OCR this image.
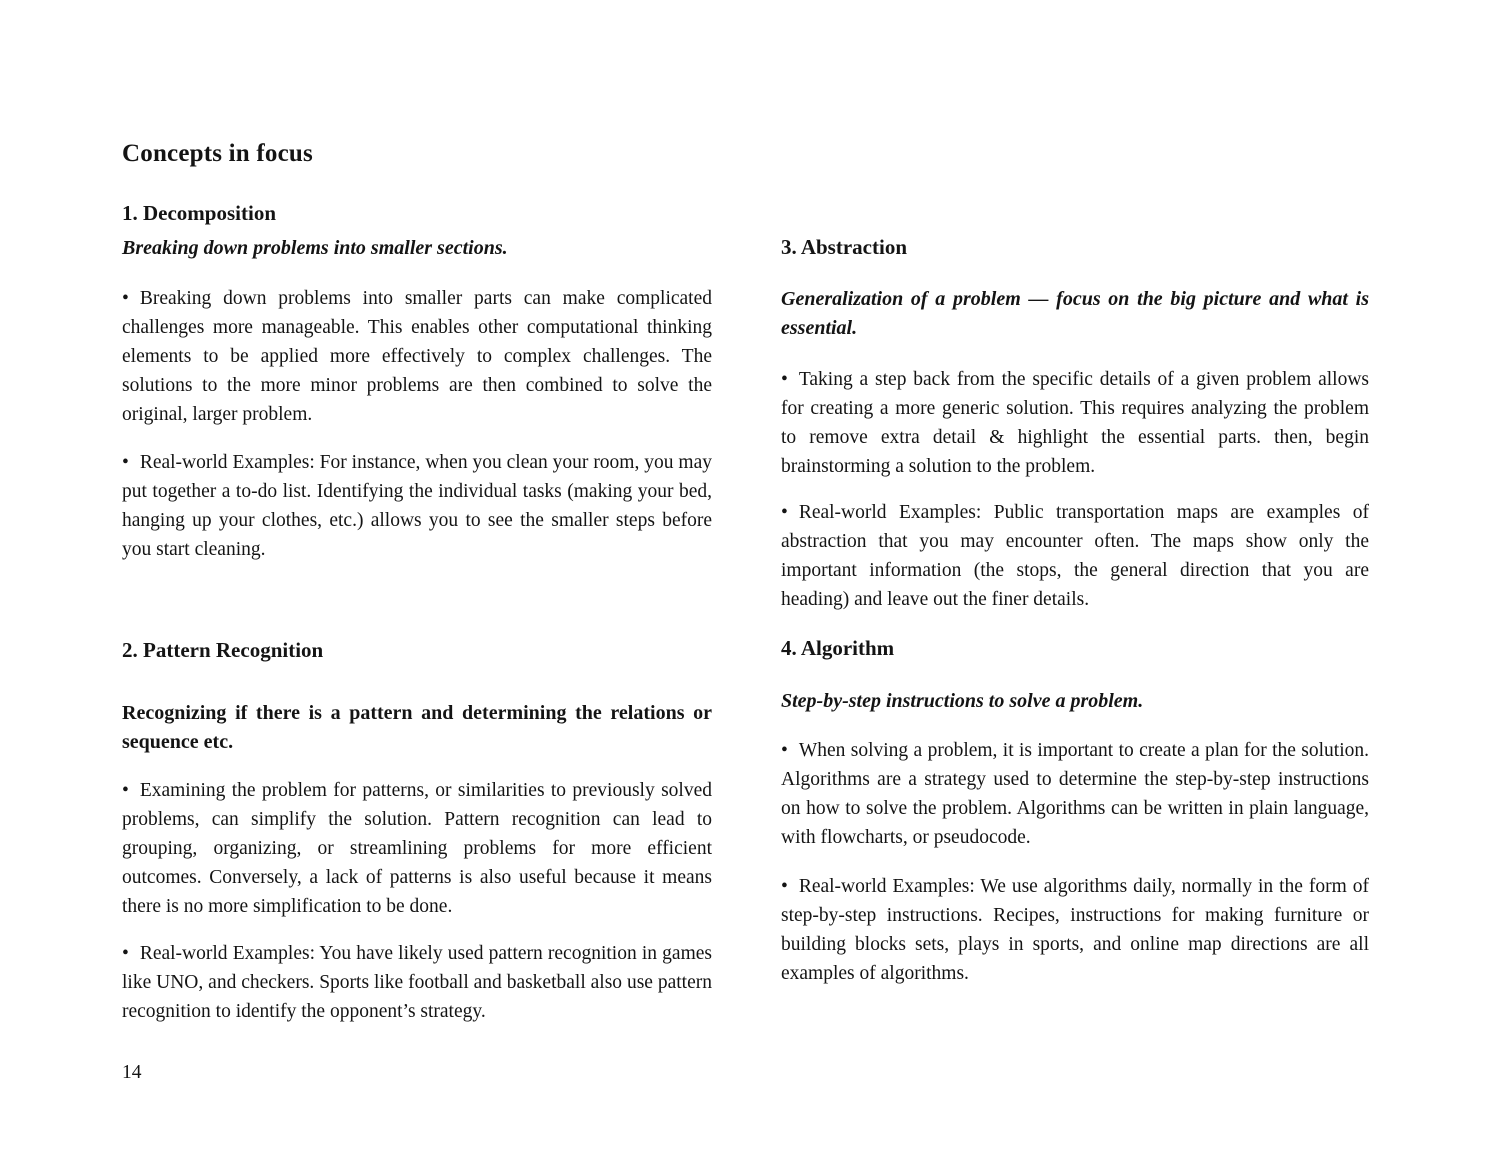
Concepts in focus
1. Decomposition
Breaking down problems into smaller sections.

• Breaking down problems into smaller parts can make complicated challenges more manageable. This enables other computational thinking elements to be applied more effectively to complex challenges. The solutions to the more minor problems are then combined to solve the original, larger problem.

• Real-world Examples: For instance, when you clean your room, you may put together a to-do list. Identifying the individual tasks (making your bed, hanging up your clothes, etc.) allows you to see the smaller steps before you start cleaning.

2. Pattern Recognition
Recognizing if there is a pattern and determining the relations or sequence etc.

• Examining the problem for patterns, or similarities to previously solved problems, can simplify the solution. Pattern recognition can lead to grouping, organizing, or streamlining problems for more efficient outcomes. Conversely, a lack of patterns is also useful because it means there is no more simplification to be done.

• Real-world Examples: You have likely used pattern recognition in games like UNO, and checkers. Sports like football and basketball also use pattern recognition to identify the opponent’s strategy.

3. Abstraction
Generalization of a problem — focus on the big picture and what is essential.

• Taking a step back from the specific details of a given problem allows for creating a more generic solution. This requires analyzing the problem to remove extra detail & highlight the essential parts. then, begin brainstorming a solution to the problem.

• Real-world Examples: Public transportation maps are examples of abstraction that you may encounter often. The maps show only the important information (the stops, the general direction that you are heading) and leave out the finer details.

4. Algorithm
Step-by-step instructions to solve a problem.

• When solving a problem, it is important to create a plan for the solution. Algorithms are a strategy used to determine the step-by-step instructions on how to solve the problem. Algorithms can be written in plain language, with flowcharts, or pseudocode.

• Real-world Examples: We use algorithms daily, normally in the form of step-by-step instructions. Recipes, instructions for making furniture or building blocks sets, plays in sports, and online map directions are all examples of algorithms.

14
